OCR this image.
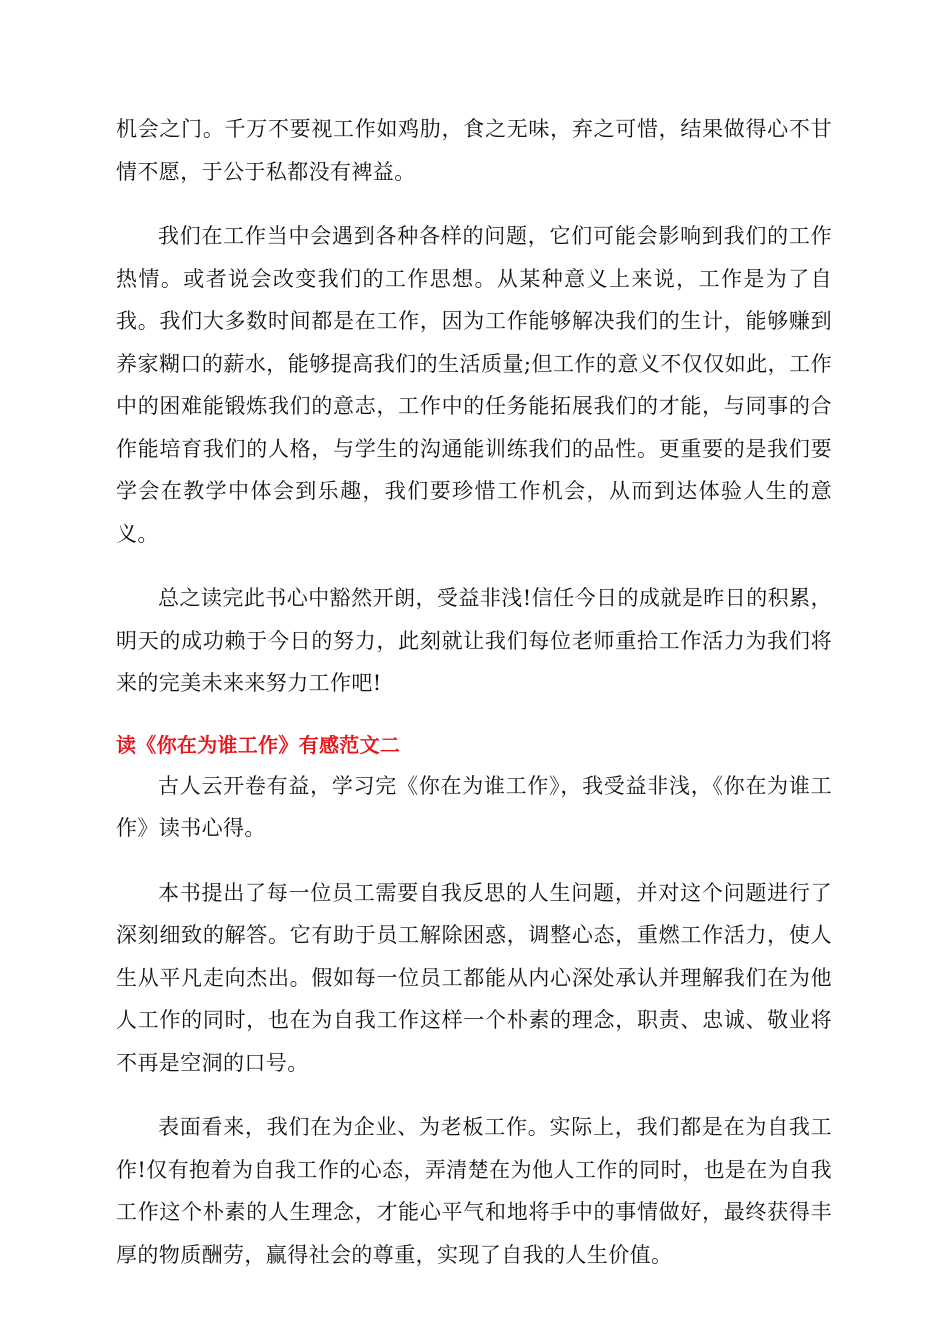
机会之门。千万不要视工作如鸡肋，食之无味，弃之可惜，结果做得心不甘情不愿，于公于私都没有裨益。

我们在工作当中会遇到各种各样的问题，它们可能会影响到我们的工作热情。或者说会改变我们的工作思想。从某种意义上来说，工作是为了自我。我们大多数时间都是在工作，因为工作能够解决我们的生计，能够赚到养家糊口的薪水，能够提高我们的生活质量;但工作的意义不仅仅如此，工作中的困难能锻炼我们的意志，工作中的任务能拓展我们的才能，与同事的合作能培育我们的人格，与学生的沟通能训练我们的品性。更重要的是我们要学会在教学中体会到乐趣，我们要珍惜工作机会，从而到达体验人生的意义。

总之读完此书心中豁然开朗，受益非浅!信任今日的成就是昨日的积累，明天的成功赖于今日的努力，此刻就让我们每位老师重拾工作活力为我们将来的完美未来来努力工作吧!

读《你在为谁工作》有感范文二

古人云开卷有益，学习完《你在为谁工作》，我受益非浅，《你在为谁工作》读书心得。

本书提出了每一位员工需要自我反思的人生问题，并对这个问题进行了深刻细致的解答。它有助于员工解除困惑，调整心态，重燃工作活力，使人生从平凡走向杰出。假如每一位员工都能从内心深处承认并理解我们在为他人工作的同时，也在为自我工作这样一个朴素的理念，职责、忠诚、敬业将不再是空洞的口号。

表面看来，我们在为企业、为老板工作。实际上，我们都是在为自我工作!仅有抱着为自我工作的心态，弄清楚在为他人工作的同时，也是在为自我工作这个朴素的人生理念，才能心平气和地将手中的事情做好，最终获得丰厚的物质酬劳，赢得社会的尊重，实现了自我的人生价值。
